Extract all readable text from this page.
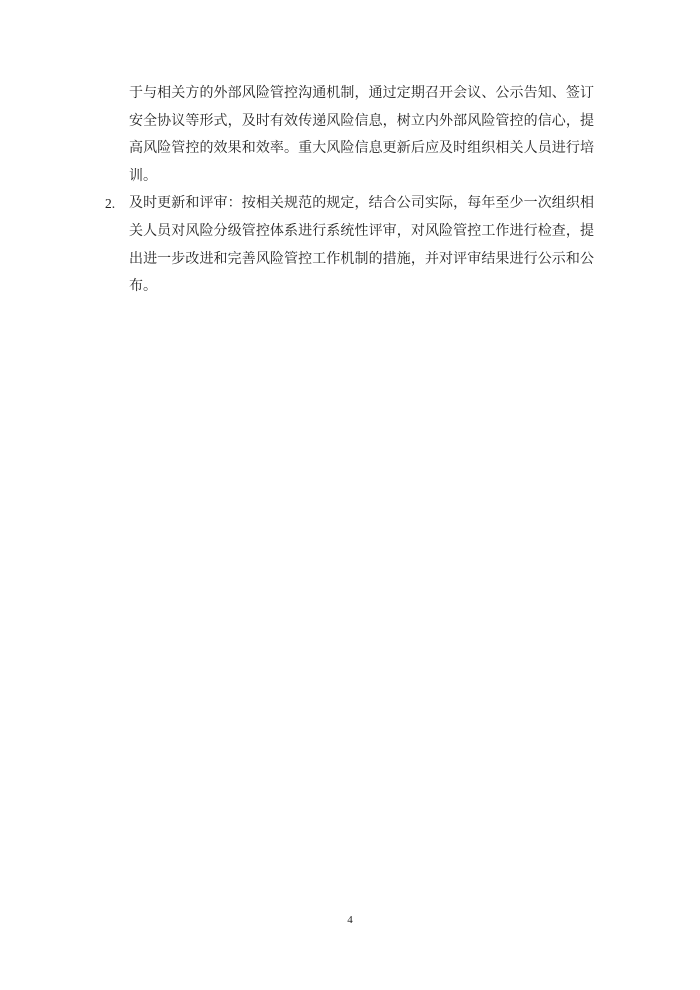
2.
于与相关方的外部风险管控沟通机制，通过定期召开会议、公示告知、签订
安全协议等形式，及时有效传递风险信息，树立内外部风险管控的信心，提
高风险管控的效果和效率。重大风险信息更新后应及时组织相关人员进行培
训。
及时更新和评审：按相关规范的规定，结合公司实际，每年至少一次组织相
关人员对风险分级管控体系进行系统性评审，对风险管控工作进行检查，提
出进一步改进和完善风险管控工作机制的措施，并对评审结果进行公示和公
布。
4
